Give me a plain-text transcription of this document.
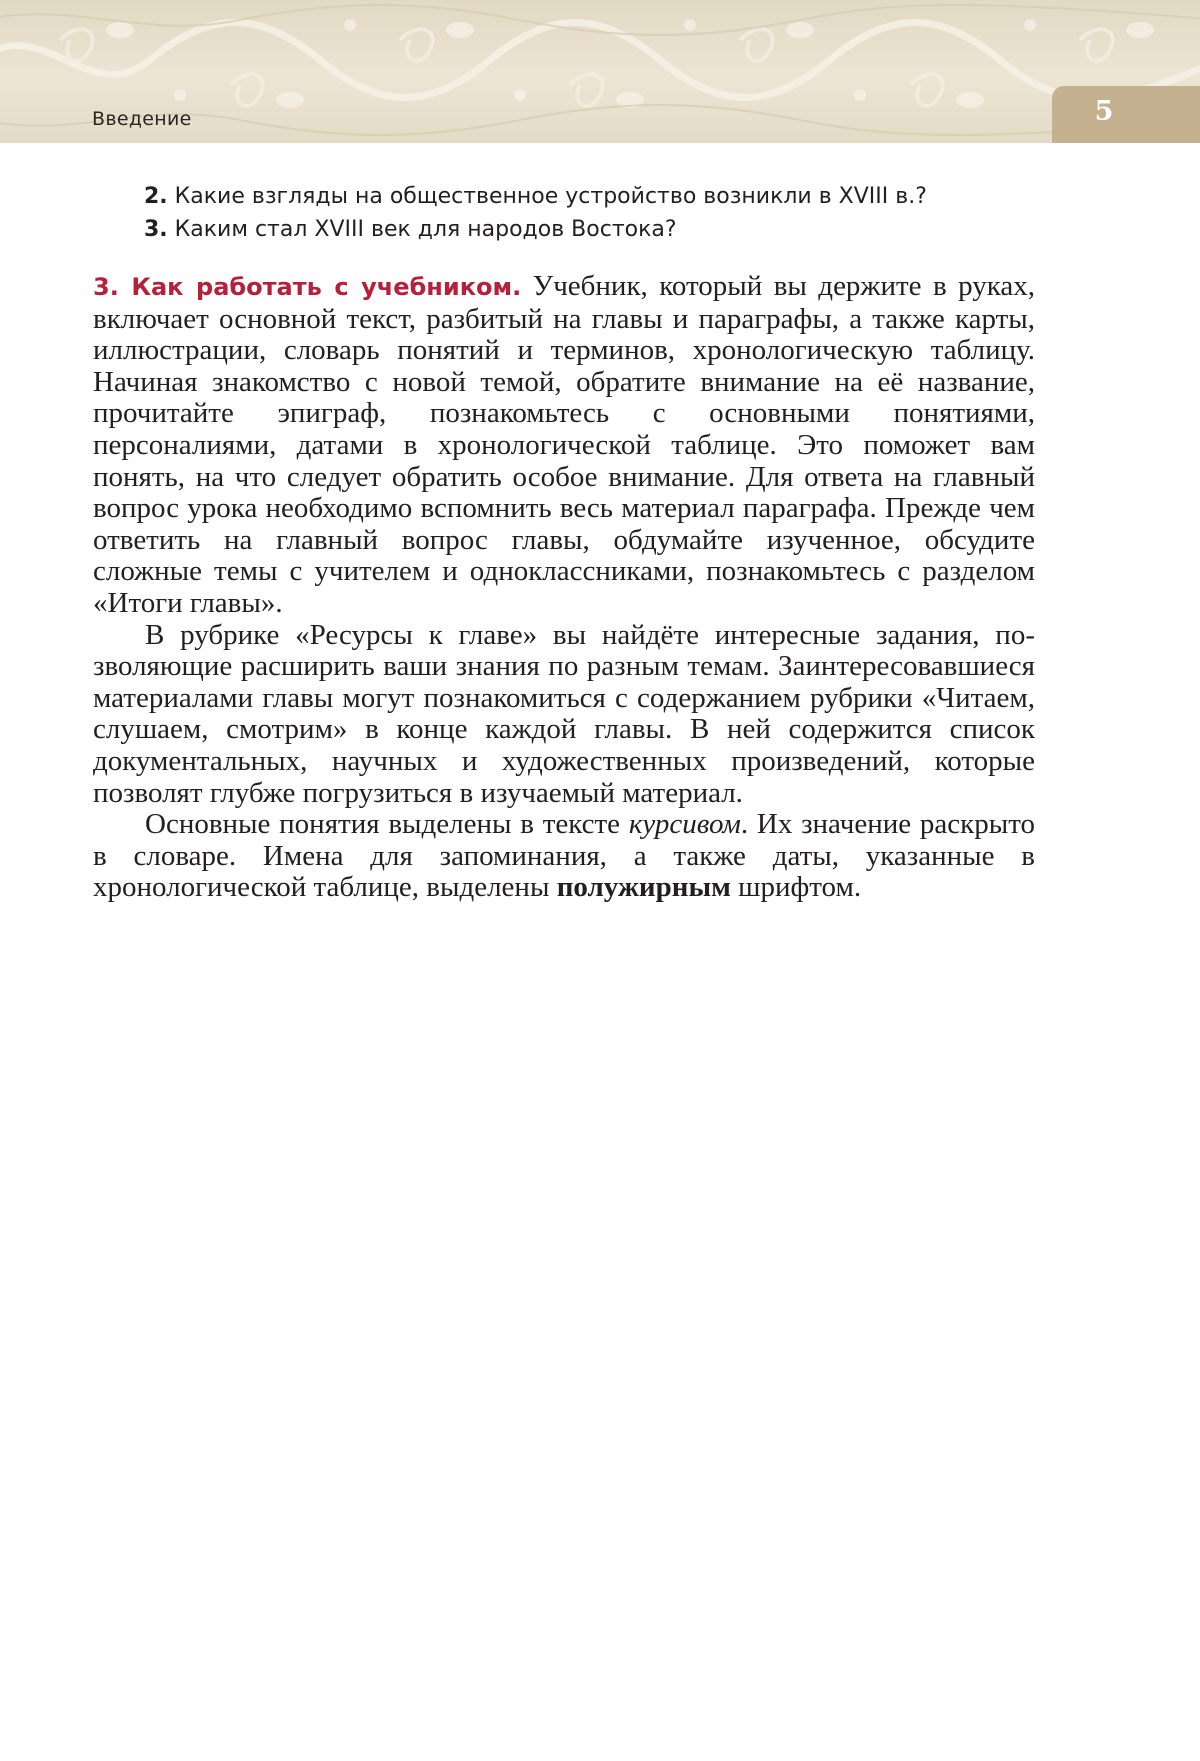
Введение	5
2. Какие взгляды на общественное устройство возникли в XVIII в.?
3. Каким стал XVIII век для народов Востока?

3. Как работать с учебником. Учебник, который вы держите в руках, включает основной текст, разбитый на главы и параграфы, а также карты, иллюстрации, словарь понятий и терминов, хронологическую таблицу. Начиная знакомство с новой темой, обратите внимание на её название, прочитайте эпиграф, познакомьтесь с основными понятиями, персоналиями, датами в хронологической таблице. Это поможет вам понять, на что следует обратить особое внимание. Для ответа на главный вопрос урока необходимо вспомнить весь материал параграфа. Прежде чем ответить на главный вопрос главы, обдумайте изученное, обсудите сложные темы с учителем и одноклассниками, познакомьтесь с разделом «Итоги главы».

В рубрике «Ресурсы к главе» вы найдёте интересные задания, позволяющие расширить ваши знания по разным темам. Заинтересовавшиеся материалами главы могут познакомиться с содержанием рубрики «Читаем, слушаем, смотрим» в конце каждой главы. В ней содержится список документальных, научных и художественных произведений, которые позволят глубже погрузиться в изучаемый материал.

Основные понятия выделены в тексте курсивом. Их значение раскрыто в словаре. Имена для запоминания, а также даты, указанные в хронологической таблице, выделены полужирным шрифтом.
